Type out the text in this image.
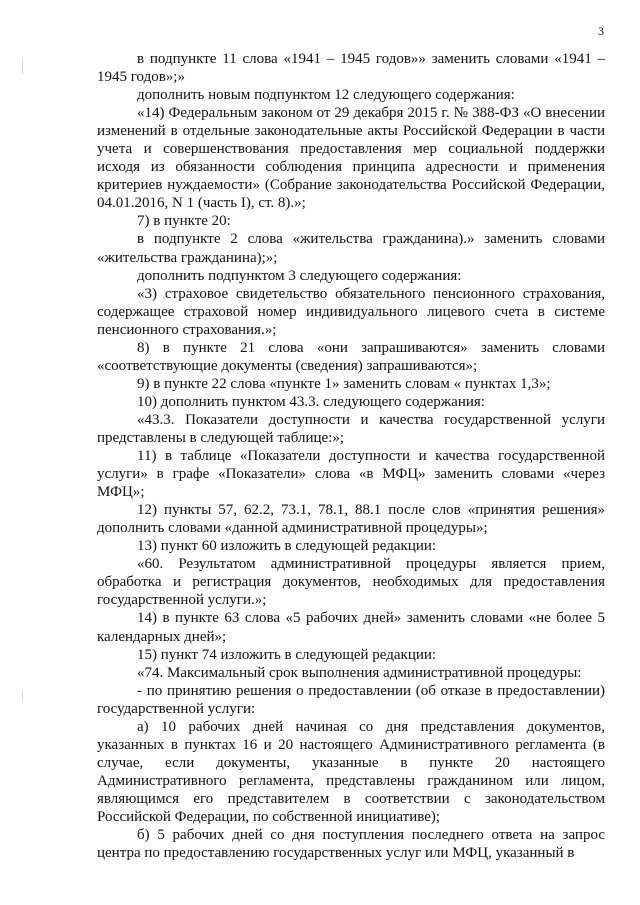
3

в подпункте 11 слова «1941 – 1945 годов»» заменить словами «1941 – 1945 годов»;»

дополнить новым подпунктом 12 следующего содержания:

«14) Федеральным законом от 29 декабря 2015 г. № 388-ФЗ «О внесении изменений в отдельные законодательные акты Российской Федерации в части учета и совершенствования предоставления мер социальной поддержки исходя из обязанности соблюдения принципа адресности и применения критериев нуждаемости» (Собрание законодательства Российской Федерации, 04.01.2016, N 1 (часть I), ст. 8).»;

7) в пункте 20:

в подпункте 2 слова «жительства гражданина).» заменить словами «жительства гражданина);»;

дополнить подпунктом 3 следующего содержания:

«3) страховое свидетельство обязательного пенсионного страхования, содержащее страховой номер индивидуального лицевого счета в системе пенсионного страхования.»;

8) в пункте 21 слова «они запрашиваются» заменить словами «соответствующие документы (сведения) запрашиваются»;

9) в пункте 22 слова «пункте 1» заменить словам « пунктах 1,3»;

10) дополнить пунктом 43.3. следующего содержания:

«43.3. Показатели доступности и качества государственной услуги представлены в следующей таблице:»;

11) в таблице «Показатели доступности и качества государственной услуги» в графе «Показатели» слова «в МФЦ» заменить словами «через МФЦ»;

12) пункты 57, 62.2, 73.1, 78.1, 88.1 после слов «принятия решения» дополнить словами «данной административной процедуры»;

13) пункт 60 изложить в следующей редакции:

«60. Результатом административной процедуры является прием, обработка и регистрация документов, необходимых для предоставления государственной услуги.»;

14) в пункте 63 слова «5 рабочих дней» заменить словами «не более 5 календарных дней»;

15) пункт 74 изложить в следующей редакции:

«74. Максимальный срок выполнения административной процедуры:

- по принятию решения о предоставлении (об отказе в предоставлении) государственной услуги:

а) 10 рабочих дней начиная со дня представления документов, указанных в пунктах 16 и 20 настоящего Административного регламента (в случае, если документы, указанные в пункте 20 настоящего Административного регламента, представлены гражданином или лицом, являющимся его представителем в соответствии с законодательством Российской Федерации, по собственной инициативе);

б) 5 рабочих дней со дня поступления последнего ответа на запрос центра по предоставлению государственных услуг или МФЦ, указанный в
